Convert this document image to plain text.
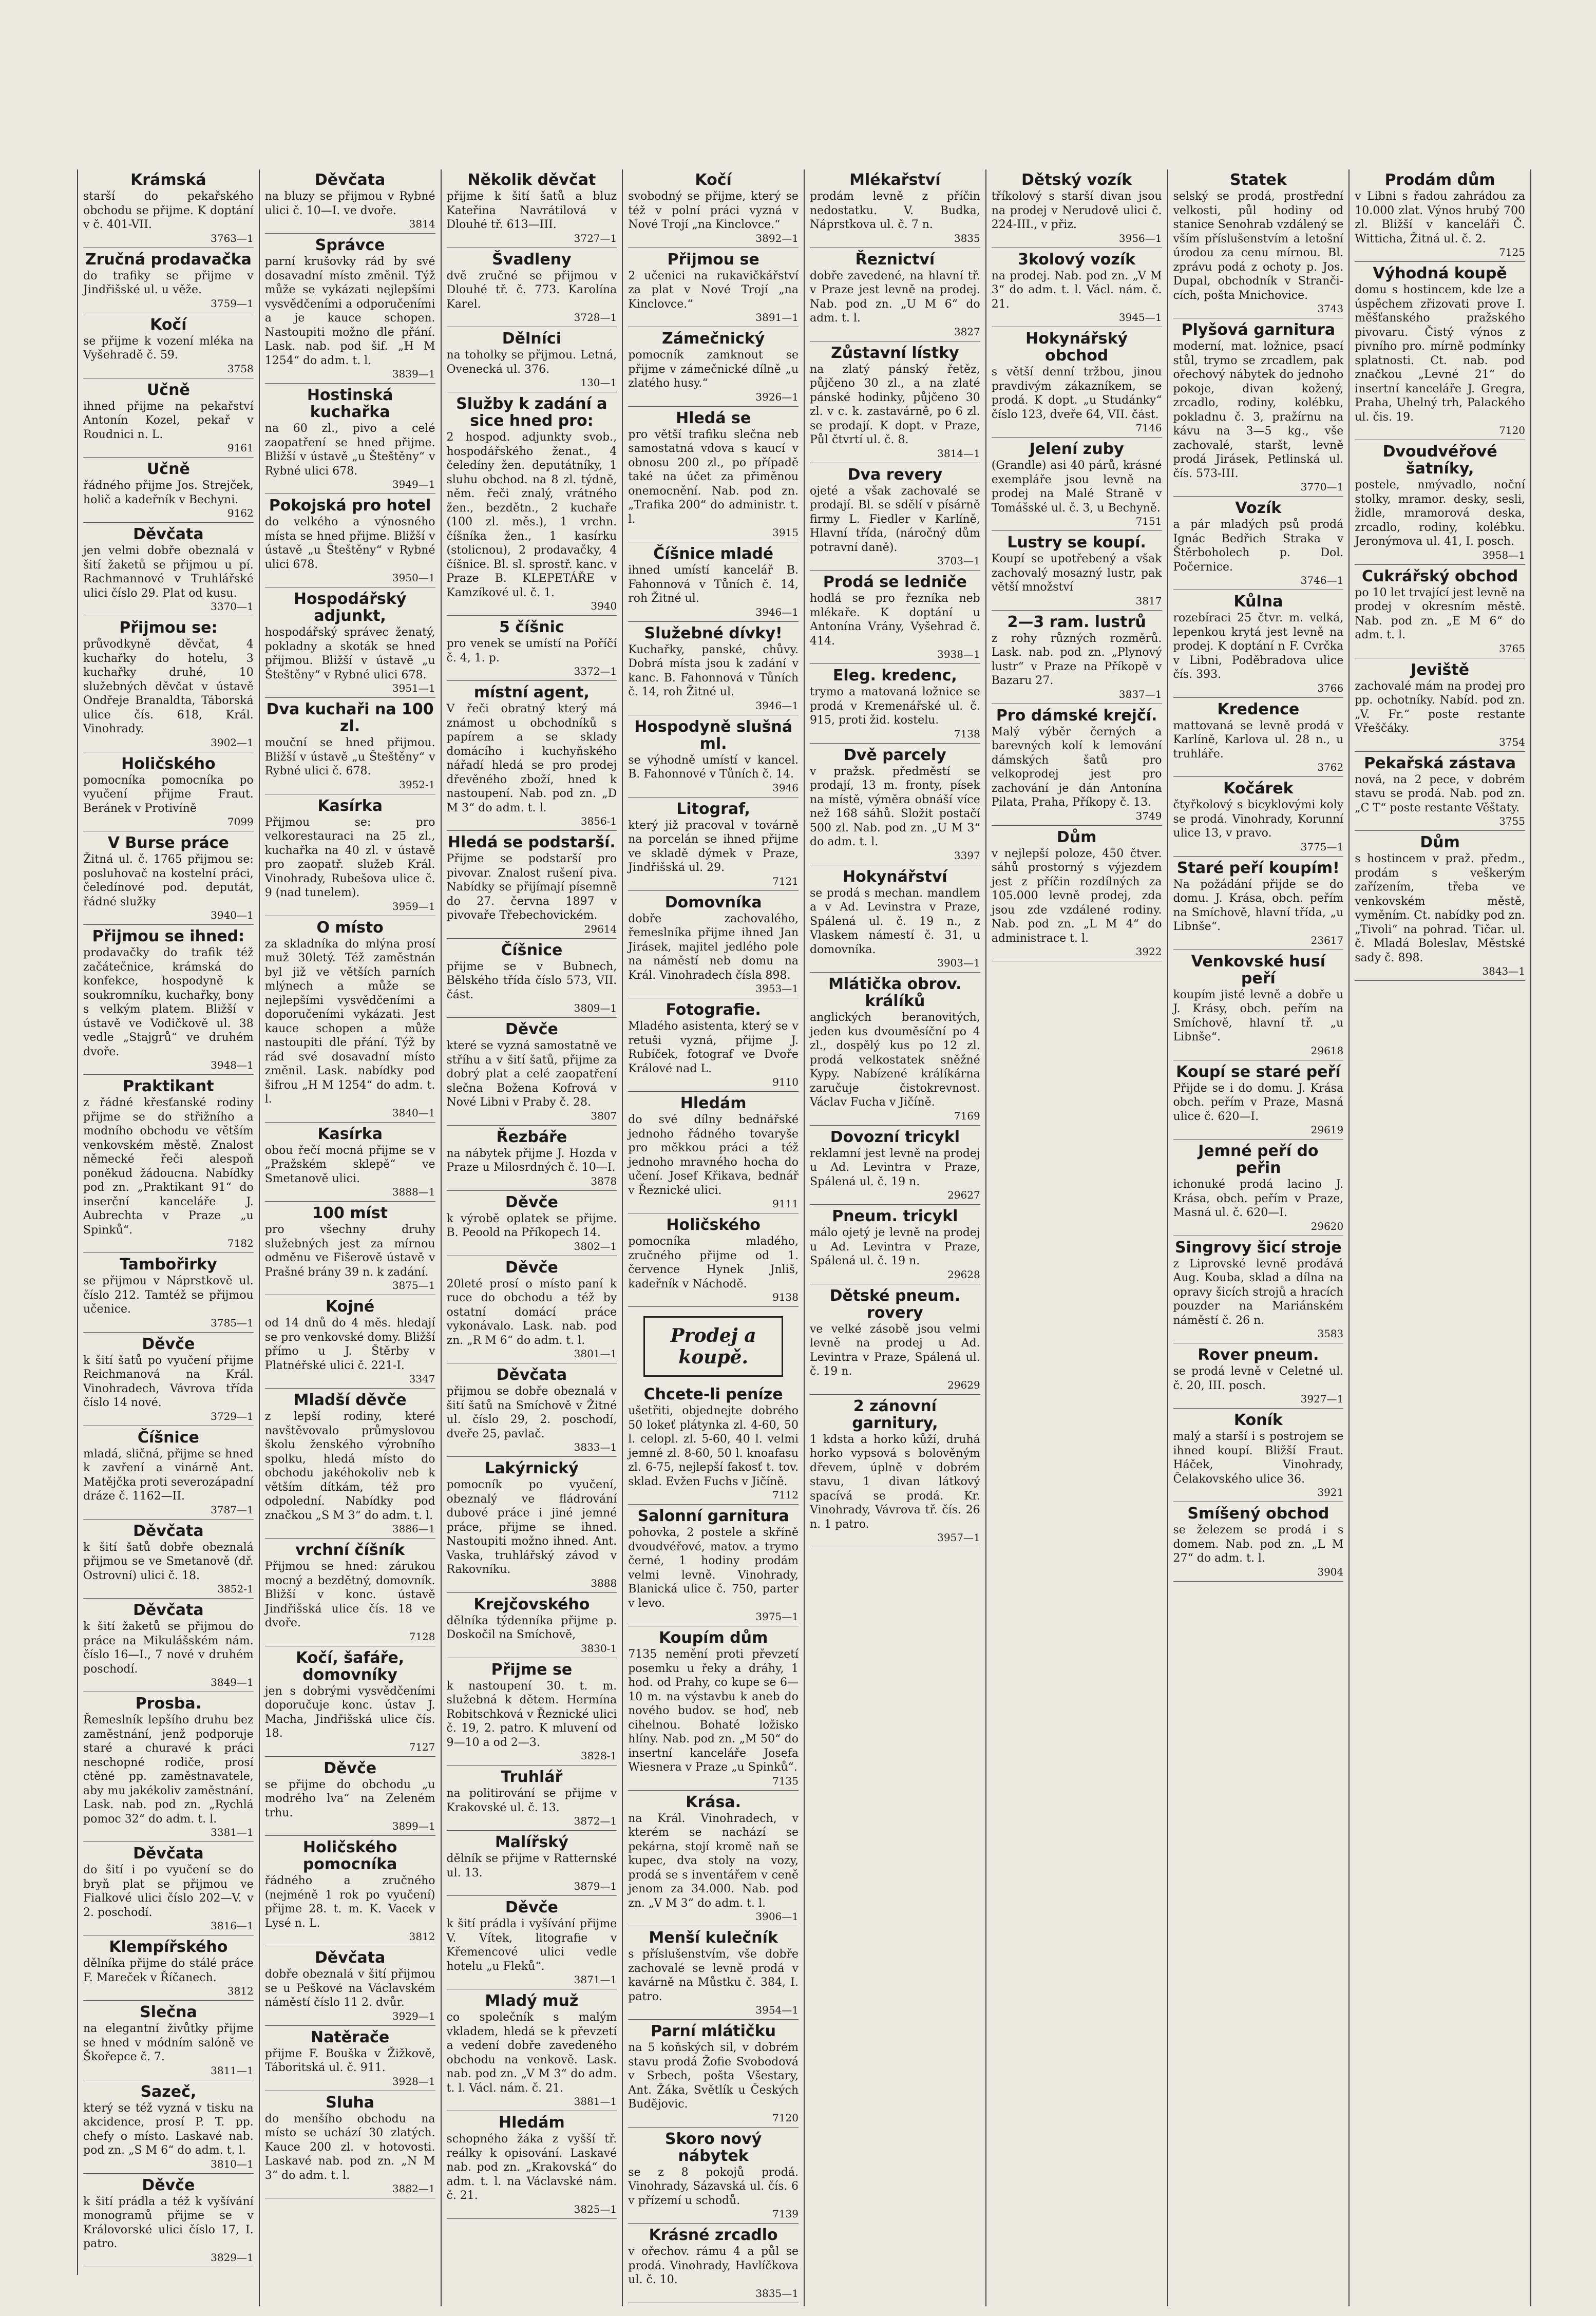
Krámská

starší do pekařského obchodu se přijme. K doptání v č. 401-VII.

3763—1
Zručná prodavačka

do trafiky se přijme v Jindřišské ul. u věže.

3759—1
Kočí

se přijme k vození mléka na Vyšehradě č. 59.

3758
Učně

ihned přijme na pekařství Antonín Kozel, pekař v Roudnici n. L.

9161
Učně

řádného přijme Jos. Strejček, holič a kadeřník v Bechyni.

9162
Děvčata

jen velmi dobře obeznalá v šití žaketů se přijmou u pí. Rachmannové v Truhlářské ulici číslo 29. Plat od kusu.

3370—1
Přijmou se:

průvodkyně děvčat, 4 kuchařky do hotelu, 3 kuchařky druhé, 10 služebných děvčat v ústavě Ondřeje Branaldta, Táborská ulice čís. 618, Král. Vinohrady.

3902—1
Holičského

pomocníka pomocníka po vyučení přijme Fraut. Beránek v Protivíně

7099
V Burse práce

Žitná ul. č. 1765 přijmou se: posluhovač na kostelní práci, čeledínové pod. deputát, řádné služky

3940—1
Přijmou se ihned:

prodavačky do trafik též začátečnice, krámská do konfekce, hospodyně k soukromníku, kuchařky, bony s velkým platem. Bližší v ústavě ve Vodičkově ul. 38 vedle „Stajgrů“ ve druhém dvoře.

3948—1
Praktikant

z řádné křesťanské rodiny přijme se do střižního a modního obchodu ve větším venkovském městě. Znalost německé řeči alespoň poněkud žádoucna. Nabídky pod zn. „Praktikant 91“ do inserční kanceláře J. Aubrechta v Praze „u Spinků“.

7182
Tambořirky

se přijmou v Náprstkově ul. číslo 212. Tamtéž se přijmou učenice.

3785—1
Děvče

k šití šatů po vyučení přijme Reichmanová na Král. Vinohradech, Vávrova třída číslo 14 nové.

3729—1
Číšnice

mladá, sličná, přijme se hned k zavření a vinárně Ant. Matějčka proti severozápadní dráze č. 1162—II.

3787—1
Děvčata

k šití šatů dobře obeznalá přijmou se ve Smetanově (dř. Ostrovní) ulici č. 18.

3852-1
Děvčata

k šití žaketů se přijmou do práce na Mikulášském nám. číslo 16—I., 7 nové v druhém poschodí.

3849—1
Prosba.

Řemeslník lepšího druhu bez zaměstnání, jenž podporuje staré a churavé k práci neschopné rodiče, prosí ctěné pp. zaměstnavatele, aby mu jakékoliv zaměstnání. Lask. nab. pod zn. „Rychlá pomoc 32“ do adm. t. l.

3381—1
Děvčata

do šití i po vyučení se do bryň plat se přijmou ve Fialkové ulici číslo 202—V. v 2. poschodí.

3816—1
Klempířského

dělníka přijme do stálé práce F. Mareček v Říčanech.

3812
Slečna

na elegantní živůtky přijme se hned v módním salóně ve Škořepce č. 7.

3811—1
Sazeč,

který se též vyzná v tisku na akcidence, prosí P. T. pp. chefy o místo. Laskavé nab. pod zn. „S M 6“ do adm. t. l.

3810—1
Děvče

k šití prádla a též k vyšívání monogramů přijme se v Královorské ulici číslo 17, I. patro.

3829—1
Děvčata

na bluzy se přijmou v Rybné ulici č. 10—I. ve dvoře.

3814
Správce

parní krušovky rád by své dosavadní místo změnil. Týž může se vykázati nejlepšími vysvědčeními a odporučeními a je kauce schopen. Nastoupiti možno dle přání. Lask. nab. pod šif. „H M 1254“ do adm. t. l.

3839—1
Hostinská kuchařka

na 60 zl., pivo a celé zaopatření se hned přijme. Bližší v ústavě „u Šteštěny“ v Rybné ulici 678.

3949—1
Pokojská pro hotel

do velkého a výnosného místa se hned přijme. Bližší v ústavě „u Šteštěny“ v Rybné ulici 678.

3950—1
Hospodářský adjunkt,

hospodářský správec ženatý, pokladny a skoták se hned přijmou. Bližší v ústavě „u Šteštěny“ v Rybné ulici 678.

3951—1
Dva kuchaři na 100 zl.

mouční se hned přijmou. Bližší v ústavě „u Šteštěny“ v Rybné ulici č. 678.

3952-1
Kasírka

Přijmou se: pro velkorestauraci na 25 zl., kuchařka na 40 zl. v ústavě pro zaopatř. služeb Král. Vinohrady, Rubešova ulice č. 9 (nad tunelem).

3959—1
O místo

za skladníka do mlýna prosí muž 30letý. Též zaměstnán byl již ve větších parních mlýnech a může se nejlepšími vysvědčeními a doporučeními vykázati. Jest kauce schopen a může nastoupiti dle přání. Týž by rád své dosavadní místo změnil. Lask. nabídky pod šifrou „H M 1254“ do adm. t. l.

3840—1
Kasírka

obou řečí mocná přijme se v „Pražském sklepě“ ve Smetanově ulici.

3888—1
100 míst

pro všechny druhy služebných jest za mírnou odměnu ve Fišerově ústavě v Prašné brány 39 n. k zadání.

3875—1
Kojné

od 14 dnů do 4 měs. hledají se pro venkovské domy. Bližší přímo u J. Štěrby v Platnéřské ulici č. 221-I.

3347
Mladší děvče

z lepší rodiny, které navštěvovalo průmyslovou školu ženského výrobního spolku, hledá místo do obchodu jakéhokoliv neb k větším dítkám, též pro odpolední. Nabídky pod značkou „S M 3“ do adm. t. l.

3886—1
vrchní číšník

Přijmou se hned: zárukou mocný a bezdětný, domovník. Bližší v konc. ústavě Jindřišská ulice čís. 18 ve dvoře.

7128
Kočí, šafáře, domovníky

jen s dobrými vysvědčeními doporučuje konc. ústav J. Macha, Jindřišská ulice čís. 18.

7127
Děvče

se přijme do obchodu „u modrého lva“ na Zeleném trhu.

3899—1
Holičského pomocníka

řádného a zručného (nejméně 1 rok po vyučení) přijme 28. t. m. K. Vacek v Lysé n. L.

3812
Děvčata

dobře obeznalá v šití přijmou se u Peškové na Václavském náměstí číslo 11 2. dvůr.

3929—1
Natěrače

přijme F. Bouška v Žižkově, Táboritská ul. č. 911.

3928—1
Sluha

do menšího obchodu na místo se uchází 30 zlatých. Kauce 200 zl. v hotovosti. Laskavé nab. pod zn. „N M 3“ do adm. t. l.

3882—1
Několik děvčat

přijme k šití šatů a bluz Kateřina Navrátilová v Dlouhé tř. 613—III.

3727—1
Švadleny

dvě zručné se přijmou v Dlouhé tř. č. 773. Karolína Karel.

3728—1
Dělníci

na toholky se přijmou. Letná, Ovenecká ul. 376.

130—1
Služby k zadání a sice hned pro:

2 hospod. adjunkty svob., hospodářského ženat., 4 čeledíny žen. deputátníky, 1 sluhu obchod. na 8 zl. týdně, něm. řeči znalý, vrátného žen., bezdětn., 2 kuchaře (100 zl. měs.), 1 vrchn. číšníka žen., 1 kasírku (stolicnou), 2 prodavačky, 4 číšnice. Bl. sl. sprostř. kanc. v Praze B. KLEPETÁŘE v Kamzíkové ul. č. 1.

3940
5 číšnic

pro venek se umístí na Poříčí č. 4, 1. p.

3372—1
místní agent,

V řeči obratný který má známost u obchodníků s papírem a se sklady domácího i kuchyňského nářadí hledá se pro prodej dřevěného zboží, hned k nastoupení. Nab. pod zn. „D M 3“ do adm. t. l.

3856-1
Hledá se podstarší.

Přijme se podstarší pro pivovar. Znalost rušení piva. Nabídky se přijímají písemně do 27. června 1897 v pivovaře Třebechovickém.

29614
Číšnice

přijme se v Bubnech, Bělského třída číslo 573, VII. část.

3809—1
Děvče

které se vyzná samostatně ve stříhu a v šití šatů, přijme za dobrý plat a celé zaopatření slečna Božena Kofrová v Nové Libni v Praby č. 28.

3807
Řezbáře

na nábytek přijme J. Hozda v Praze u Milosrdných č. 10—I.

3878
Děvče

k výrobě oplatek se přijme. B. Peoold na Příkopech 14.

3802—1
Děvče

20leté prosí o místo paní k ruce do obchodu a též by ostatní domácí práce vykonávalo. Lask. nab. pod zn. „R M 6“ do adm. t. l.

3801—1
Děvčata

přijmou se dobře obeznalá v šití šatů na Smíchově v Žitné ul. číslo 29, 2. poschodí, dveře 25, pavlač.

3833—1
Lakýrnický

pomocník po vyučení, obeznalý ve fládrování dubové práce i jiné jemné práce, přijme se ihned. Nastoupiti možno ihned. Ant. Vaska, truhlářský závod v Rakovníku.

3888
Krejčovského

dělníka týdenníka přijme p. Doskočil na Smíchově,

3830-1
Přijme se

k nastoupení 30. t. m. služebná k dětem. Hermína Robitschková v Řeznické ulici č. 19, 2. patro. K mluvení od 9—10 a od 2—3.

3828-1
Truhlář

na politirování se přijme v Krakovské ul. č. 13.

3872—1
Malířský

dělník se přijme v Ratternské ul. 13.

3879—1
Děvče

k šití prádla i vyšívání přijme V. Vítek, litografie v Křemencové ulici vedle hotelu „u Fleků“.

3871—1
Mladý muž

co společník s malým vkladem, hledá se k převzetí a vedení dobře zavedeného obchodu na venkově. Lask. nab. pod zn. „V M 3“ do adm. t. l. Václ. nám. č. 21.

3881—1
Hledám

schopného žáka z vyšší tř. reálky k opisování. Laskavé nab. pod zn. „Krakovská“ do adm. t. l. na Václavské nám. č. 21.

3825—1
Kočí

svobodný se přijme, který se též v polní práci vyzná v Nové Trojí „na Kinclovce.“

3892—1
Přijmou se

2 učenici na rukavičkářství za plat v Nové Trojí „na Kinclovce.“

3891—1
Zámečnický

pomocník zamknout se přijme v zámečnické dílně „u zlatého husy.“

3926—1
Hledá se

pro větší trafiku slečna neb samostatná vdova s kaucí v obnosu 200 zl., po případě také na účet za přiměnou onemocnění. Nab. pod zn. „Trafika 200“ do administr. t. l.

3915
Číšnice mladé

ihned umístí kancelář B. Fahonnová v Tůních č. 14, roh Žitné ul.

3946—1
Služebné dívky!

Kuchařky, panské, chůvy. Dobrá místa jsou k zadání v kanc. B. Fahonnová v Tůních č. 14, roh Žitné ul.

3946—1
Hospodyně slušná ml.

se výhodně umístí v kancel. B. Fahonnové v Tůních č. 14.

3946
Litograf,

který již pracoval v továrně na porcelán se ihned přijme ve skladě dýmek v Praze, Jindřišská ul. 29.

7121
Domovníka

dobře zachovalého, řemeslníka přijme ihned Jan Jirásek, majitel jedlého pole na náměstí neb domu na Král. Vinohradech čísla 898.

3953—1
Fotografie.

Mladého asistenta, který se v retuši vyzná, přijme J. Rubíček, fotograf ve Dvoře Králové nad L.

9110
Hledám

do své dílny bednářské jednoho řádného tovaryše pro měkkou práci a též jednoho mravného hocha do učení. Josef Křikava, bednář v Řeznické ulici.

9111
Holičského

pomocníka mladého, zručného přijme od 1. července Hynek Jnliš, kadeřník v Náchodě.

9138
Prodej a koupě.
Chcete-li peníze

ušetřiti, objednejte dobrého 50 lokeť plátynka zl. 4-60, 50 l. celopl. zl. 5-60, 40 l. velmi jemné zl. 8-60, 50 l. knoafasu zl. 6-75, nejlepší fakosť t. tov. sklad. Evžen Fuchs v Jičíně.

7112
Salonní garnitura

pohovka, 2 postele a skříně dvoudvéřové, matov. a trymo černé, 1 hodiny prodám velmi levně. Vinohrady, Blanická ulice č. 750, parter v levo.

3975—1
Koupím dům

7135 nemění proti převzetí posemku u řeky a dráhy, 1 hod. od Prahy, co kupe se 6—10 m. na výstavbu k aneb do nového budov. se hoď, neb cihelnou. Bohaté ložisko hlíny. Nab. pod zn. „M 50“ do insertní kanceláře Josefa Wiesnera v Praze „u Spinků“.

7135
Krása.

na Král. Vinohradech, v kterém se nachází se pekárna, stojí kromě naň se kupec, dva stoly na vozy, prodá se s inventářem v ceně jenom za 34.000. Nab. pod zn. „V M 3“ do adm. t. l.

3906—1
Menší kulečník

s příslušenstvím, vše dobře zachovalé se levně prodá v kavárně na Můstku č. 384, I. patro.

3954—1
Parní mlátičku

na 5 koňských sil, v dobrém stavu prodá Žofie Svobodová v Srbech, pošta Všestary, Ant. Žáka, Světlík u Českých Budějovic.

7120
Skoro nový nábytek

se z 8 pokojů prodá. Vinohrady, Sázavská ul. čís. 6 v přízemí u schodů.

7139
Krásné zrcadlo

v ořechov. rámu 4 a půl se prodá. Vinohrady, Havlíčkova ul. č. 10.

3835—1
Mlékařství

prodám levně z příčin nedostatku. V. Budka, Náprstkova ul. č. 7 n.

3835
Řeznictví

dobře zavedené, na hlavní tř. v Praze jest levně na prodej. Nab. pod zn. „U M 6“ do adm. t. l.

3827
Zůstavní lístky

na zlatý pánský řetěz, půjčeno 30 zl., a na zlaté pánské hodinky, půjčeno 30 zl. v c. k. zastavárně, po 6 zl. se prodají. K dopt. v Praze, Půl čtvrtí ul. č. 8.

3814—1
Dva revery

ojeté a však zachovalé se prodají. Bl. se sdělí v písárně firmy L. Fiedler v Karlíně, Hlavní třída, (náročný dům potravní daně).

3703—1
Prodá se ledniče

hodlá se pro řezníka neb mlékaře. K doptání u Antonína Vrány, Vyšehrad č. 414.

3938—1
Eleg. kredenc,

trymo a matovaná ložnice se prodá v Kremenářské ul. č. 915, proti žid. kostelu.

7138
Dvě parcely

v pražsk. předměstí se prodají, 13 m. fronty, písek na místě, výměra obnáší více než 168 sáhů. Složit postačí 500 zl. Nab. pod zn. „U M 3“ do adm. t. l.

3397
Hokynářství

se prodá s mechan. mandlem a v Ad. Levinstra v Praze, Spálená ul. č. 19 n., z Vlaskem námestí č. 31, u domovníka.

3903—1
Mlátička obrov. králíků

anglických beranovitých, jeden kus dvouměsíční po 4 zl., dospělý kus po 12 zl. prodá velkostatek sněžné Kypy. Nabízené králíkárna zaručuje čistokrevnost. Václav Fucha v Jičíně.

7169
Dovozní tricykl

reklamní jest levně na prodej u Ad. Levintra v Praze, Spálená ul. č. 19 n.

29627
Pneum. tricykl

málo ojetý je levně na prodej u Ad. Levintra v Praze, Spálená ul. č. 19 n.

29628
Dětské pneum. rovery

ve velké zásobě jsou velmi levně na prodej u Ad. Levintra v Praze, Spálená ul. č. 19 n.

29629
2 zánovní garnitury,

1 kdsta a horko kůží, druhá horko vypsová s bolověným dřevem, úplně v dobrém stavu, 1 divan látkový spacívá se prodá. Kr. Vinohrady, Vávrova tř. čís. 26 n. 1 patro.

3957—1
Dětský vozík

tříkolový s starší divan jsou na prodej v Nerudově ulici č. 224-III., v přiz.

3956—1
3kolový vozík

na prodej. Nab. pod zn. „V M 3“ do adm. t. l. Václ. nám. č. 21.

3945—1
Hokynářský obchod

s větší denní tržbou, jinou pravdivým zákazníkem, se prodá. K dopt. „u Studánky“ číslo 123, dveře 64, VII. část.

7146
Jelení zuby

(Grandle) asi 40 párů, krásné exempláře jsou levně na prodej na Malé Straně v Tomášské ul. č. 3, u Bechyně.

7151
Lustry se koupí.

Koupí se upotřebený a však zachovalý mosazný lustr, pak větší množství

3817
2—3 ram. lustrů

z rohy různých rozměrů. Lask. nab. pod zn. „Plynový lustr“ v Praze na Příkopě v Bazaru 27.

3837—1
Pro dámské krejčí.

Malý výběr černých a barevných kolí k lemování dámských šatů pro velkoprodej jest pro zachování je dán Antonína Pilata, Praha, Příkopy č. 13.

3749
Dům

v nejlepší poloze, 450 čtver. sáhů prostorný s výjezdem jest z příčin rozdílných za 105.000 levně prodej, zda jsou zde vzdálené rodiny. Nab. pod zn. „L M 4“ do administrace t. l.

3922
Statek

selský se prodá, prostřední velkosti, půl hodiny od stanice Senohrab vzdálený se vším příslušenstvím a letošní úrodou za cenu mírnou. Bl. zprávu podá z ochoty p. Jos. Dupal, obchodník v Stranči-cích, pošta Mnichovice.

3743
Plyšová garnitura

moderní, mat. ložnice, psací stůl, trymo se zrcadlem, pak ořechový nábytek do jednoho pokoje, divan kožený, zrcadlo, rodiny, kolébku, pokladnu č. 3, pražírnu na kávu na 3—5 kg., vše zachovalé, staršt, levně prodá Jirásek, Petlinská ul. čís. 573-III.

3770—1
Vozík

a pár mladých psů prodá Ignác Bedřich Straka v Štěrboholech p. Dol. Počernice.

3746—1
Kůlna

rozebíraci 25 čtvr. m. velká, lepenkou krytá jest levně na prodej. K doptání n F. Cvrčka v Libni, Poděbradova ulice čís. 393.

3766
Kredence

mattovaná se levně prodá v Karlíně, Karlova ul. 28 n., u truhláře.

3762
Kočárek

čtyřkolový s bicyklovými koly se prodá. Vinohrady, Korunní ulice 13, v pravo.

3775—1
Staré peří koupím!

Na požádání přijde se do domu. J. Krása, obch. peřím na Smíchově, hlavní třída, „u Libnše“.

23617
Venkovské husí peří

koupím jisté levně a dobře u J. Krásy, obch. peřím na Smíchově, hlavní tř. „u Libnše“.

29618
Koupí se staré peří

Přijde se i do domu. J. Krása obch. peřím v Praze, Masná ulice č. 620—I.

29619
Jemné peří do peřin

ichonuké prodá lacino J. Krása, obch. peřím v Praze, Masná ul. č. 620—I.

29620
Singrovy šicí stroje

z Liprovské levně prodává Aug. Kouba, sklad a dílna na opravy šicích strojů a hracích pouzder na Mariánském náměstí č. 26 n.

3583
Rover pneum.

se prodá levně v Celetné ul. č. 20, III. posch.

3927—1
Koník

malý a starší i s postrojem se ihned koupí. Bližší Fraut. Háček, Vinohrady, Čelakovského ulice 36.

3921
Smíšený obchod

se železem se prodá i s domem. Nab. pod zn. „L M 27“ do adm. t. l.

3904
Prodám dům

v Libni s řadou zahrádou za 10.000 zlat. Výnos hrubý 700 zl. Bližší v kanceláři Č. Witticha, Žitná ul. č. 2.

7125
Výhodná koupě

domu s hostincem, kde lze a úspěchem zřizovati prove I. měšťanského pražského pivovaru. Čistý výnos z pivního pro. mírně podmínky splatnosti. Ct. nab. pod značkou „Levné 21“ do insertní kanceláře J. Gregra, Praha, Uhelný trh, Palackého ul. čis. 19.

7120
Dvoudvéřové šatníky,

postele, nmývadlo, noční stolky, mramor. desky, sesli, židle, mramorová deska, zrcadlo, rodiny, kolébku. Jeronýmova ul. 41, I. posch.

3958—1
Cukrářský obchod

po 10 let trvající jest levně na prodej v okresním městě. Nab. pod zn. „E M 6“ do adm. t. l.

3765
Jeviště

zachovalé mám na prodej pro pp. ochotníky. Nabíd. pod zn. „V. Fr.“ poste restante Vřeščáky.

3754
Pekařská zástava

nová, na 2 pece, v dobrém stavu se prodá. Nab. pod zn. „C T“ poste restante Věštaty.

3755
Dům

s hostincem v praž. předm., prodám s veškerým zařízením, třeba ve venkovském městě, vyměním. Ct. nabídky pod zn. „Tivoli“ na pohrad. Tičar. ul. č. Mladá Boleslav, Městské sady č. 898.

3843—1
